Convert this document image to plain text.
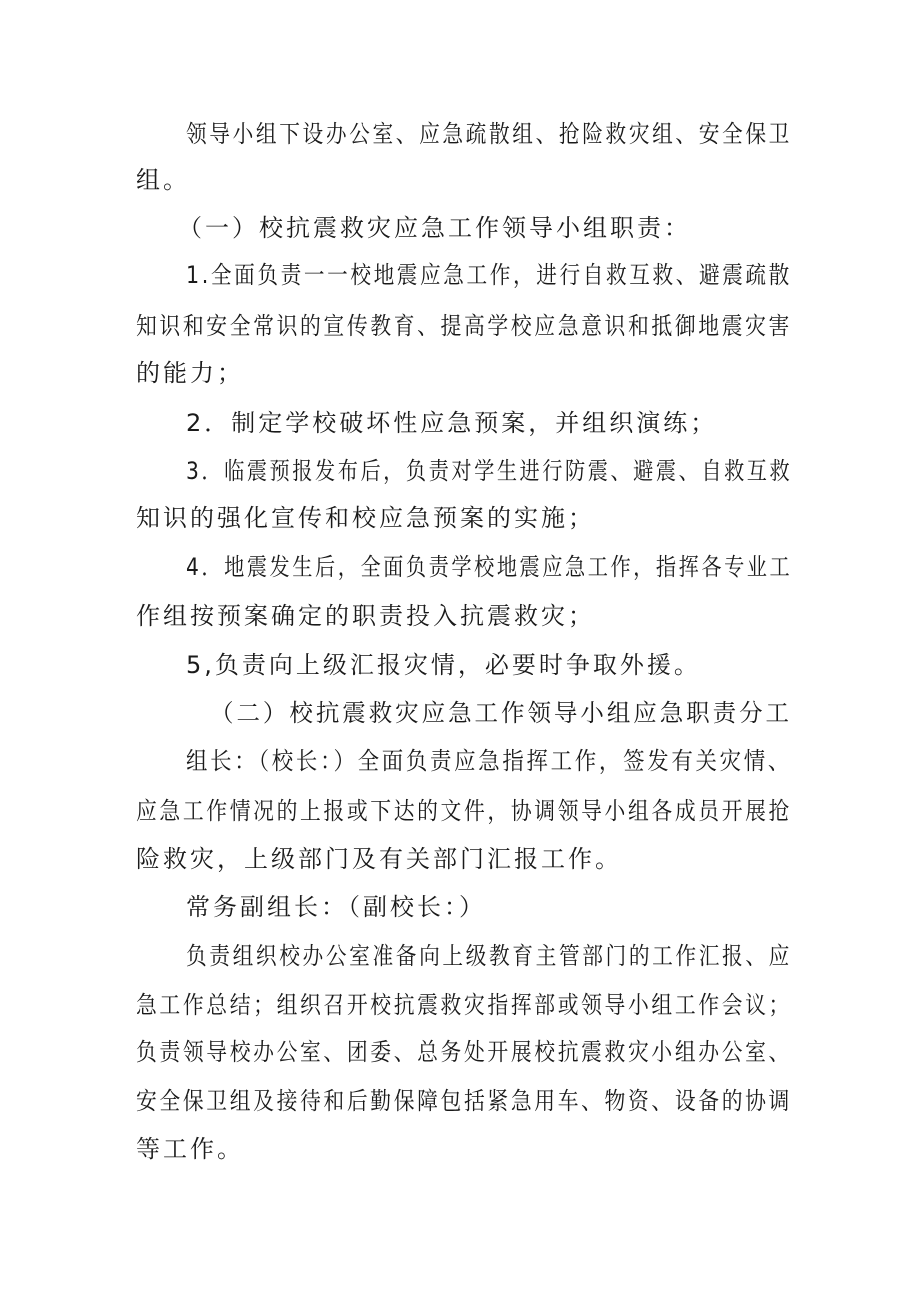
领导小组下设办公室、应急疏散组、抢险救灾组、安全保卫
组。
（一）校抗震救灾应急工作领导小组职责：
1.全面负责一一校地震应急工作，进行自救互救、避震疏散
知识和安全常识的宣传教育、提高学校应急意识和抵御地震灾害
的能力；
2．制定学校破坏性应急预案，并组织演练；
3．临震预报发布后，负责对学生进行防震、避震、自救互救
知识的强化宣传和校应急预案的实施；
4．地震发生后，全面负责学校地震应急工作，指挥各专业工
作组按预案确定的职责投入抗震救灾；
5,负责向上级汇报灾情，必要时争取外援。
（二）校抗震救灾应急工作领导小组应急职责分工
组长：（校长：）全面负责应急指挥工作，签发有关灾情、
应急工作情况的上报或下达的文件，协调领导小组各成员开展抢
险救灾，上级部门及有关部门汇报工作。
常务副组长：（副校长：）
负责组织校办公室准备向上级教育主管部门的工作汇报、应
急工作总结；组织召开校抗震救灾指挥部或领导小组工作会议；
负责领导校办公室、团委、总务处开展校抗震救灾小组办公室、
安全保卫组及接待和后勤保障包括紧急用车、物资、设备的协调
等工作。
